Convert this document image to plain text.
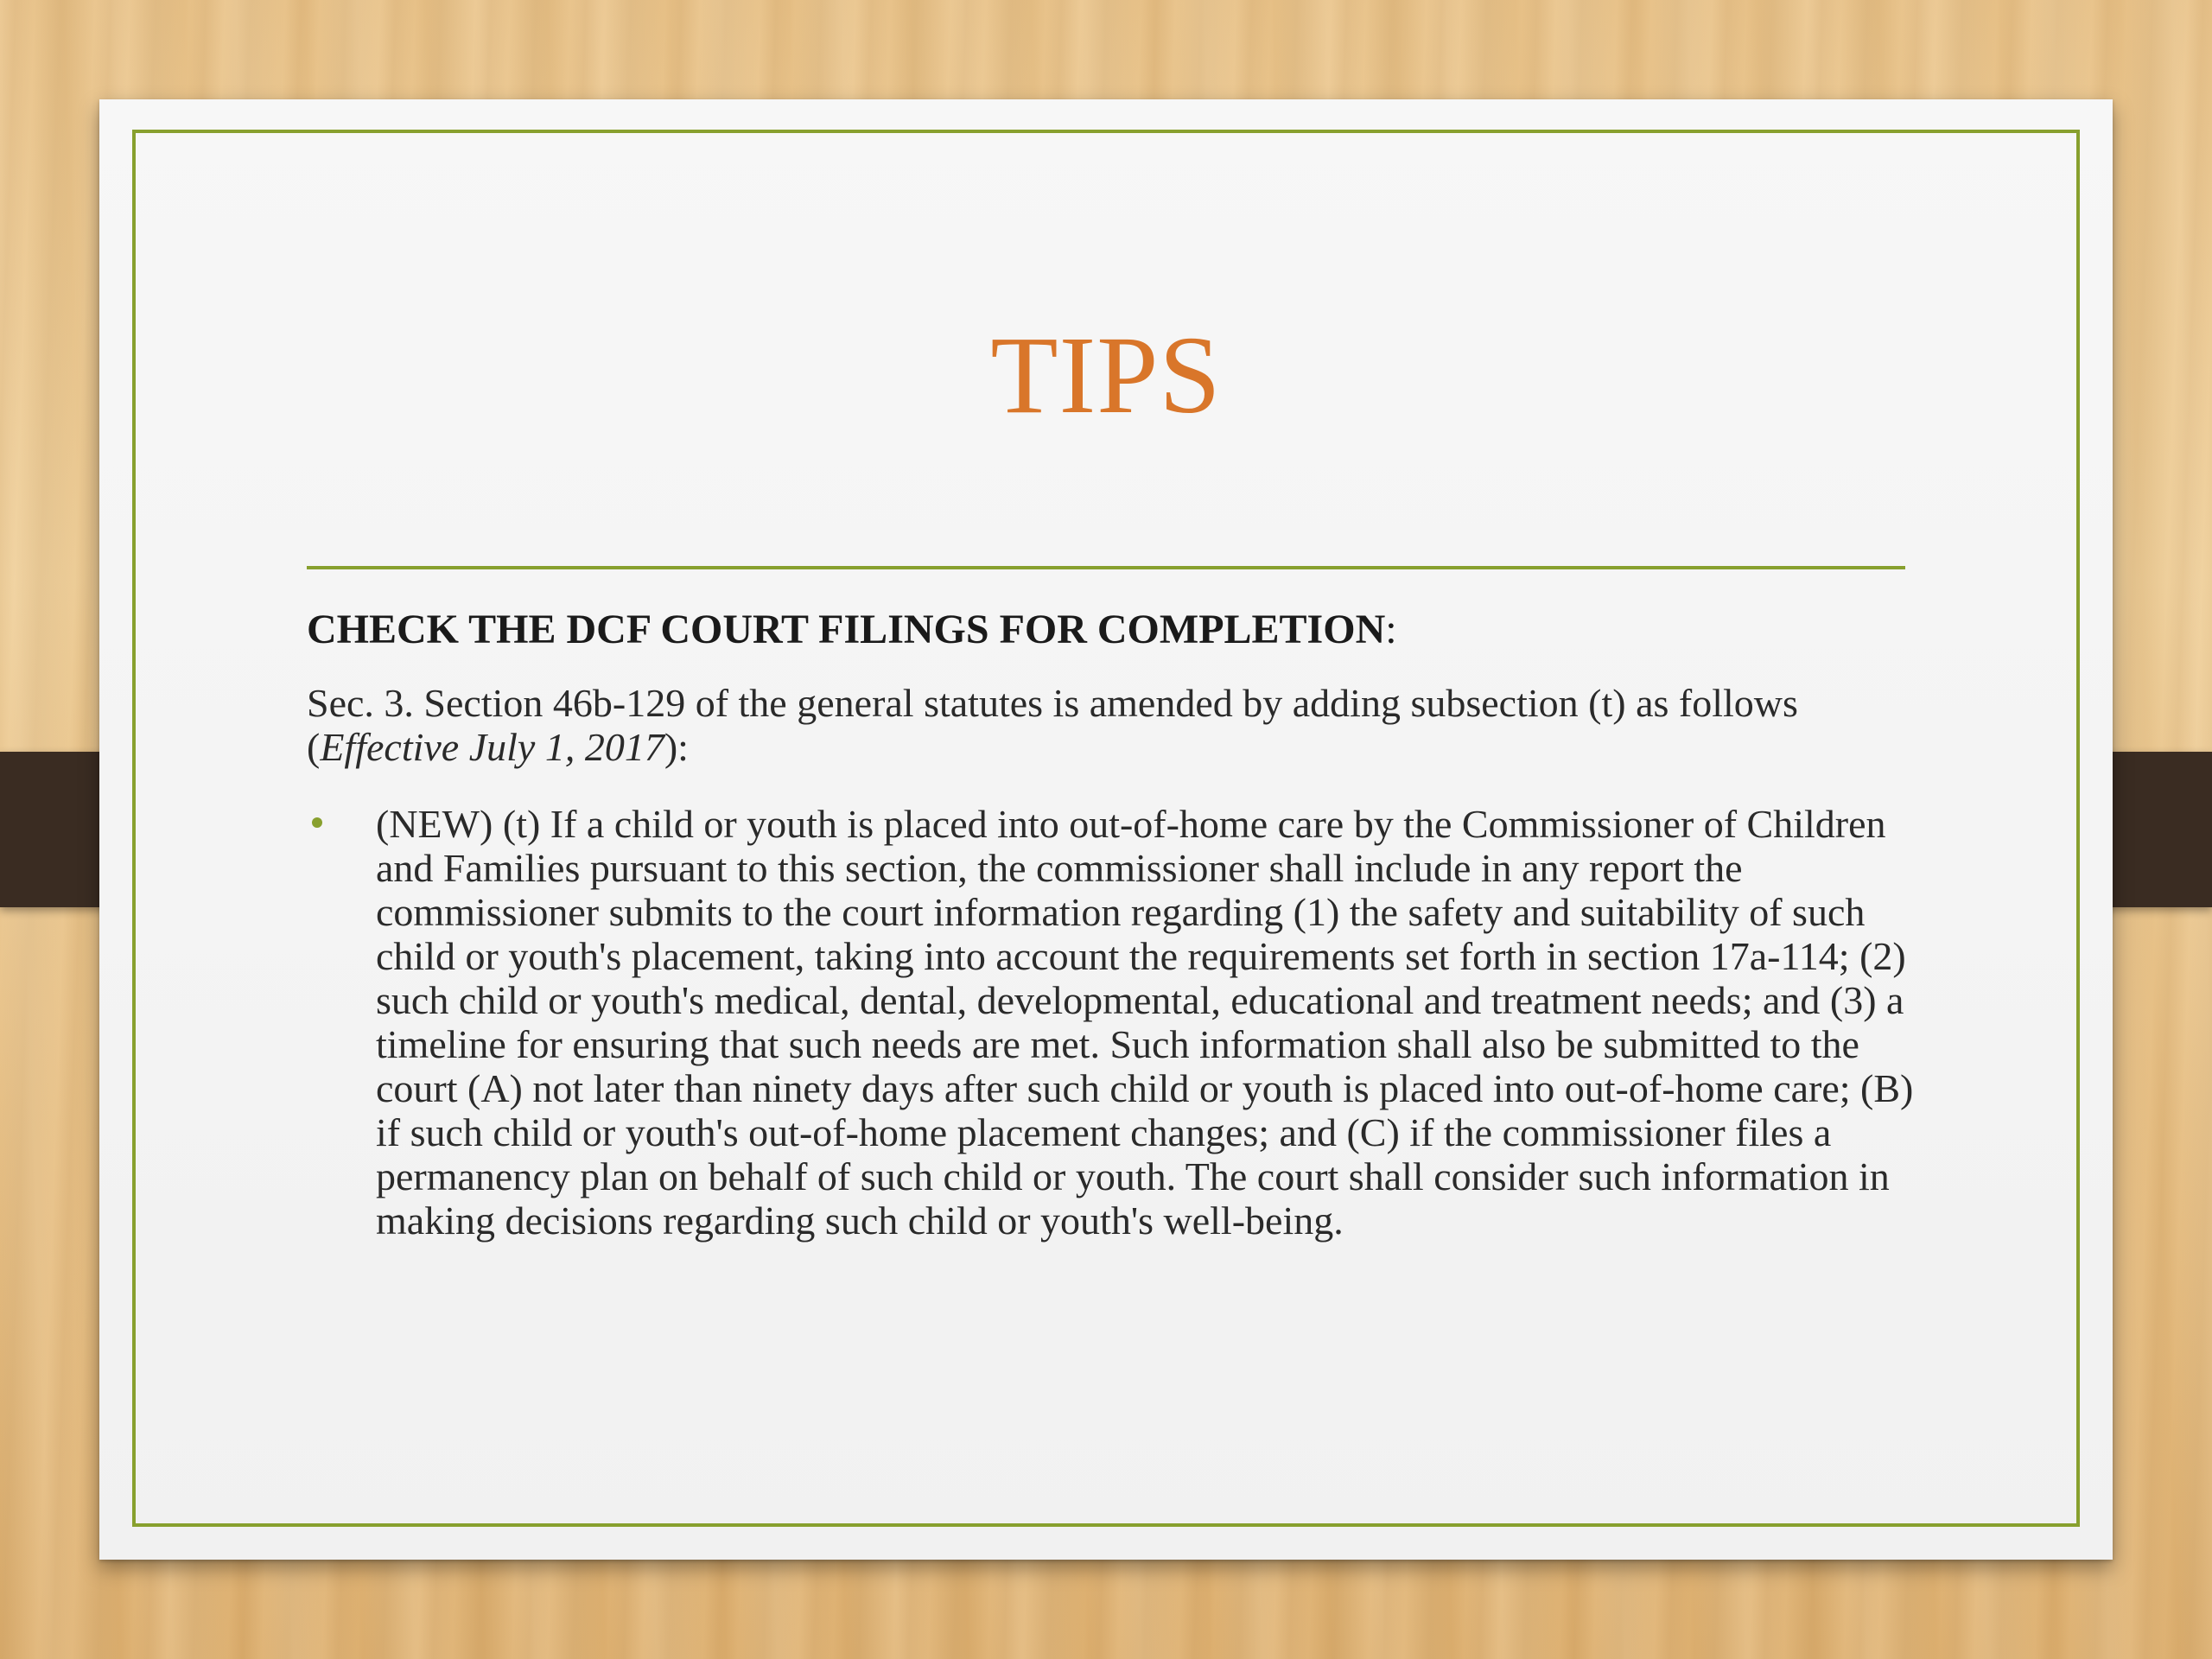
TIPS

CHECK THE DCF COURT FILINGS FOR COMPLETION:

Sec. 3. Section 46b-129 of the general statutes is amended by adding subsection (t) as follows (Effective July 1, 2017):

(NEW) (t) If a child or youth is placed into out-of-home care by the Commissioner of Children and Families pursuant to this section, the commissioner shall include in any report the commissioner submits to the court information regarding (1) the safety and suitability of such child or youth's placement, taking into account the requirements set forth in section 17a-114; (2) such child or youth's medical, dental, developmental, educational and treatment needs; and (3) a timeline for ensuring that such needs are met. Such information shall also be submitted to the court (A) not later than ninety days after such child or youth is placed into out-of-home care; (B) if such child or youth's out-of-home placement changes; and (C) if the commissioner files a permanency plan on behalf of such child or youth. The court shall consider such information in making decisions regarding such child or youth's well-being.
